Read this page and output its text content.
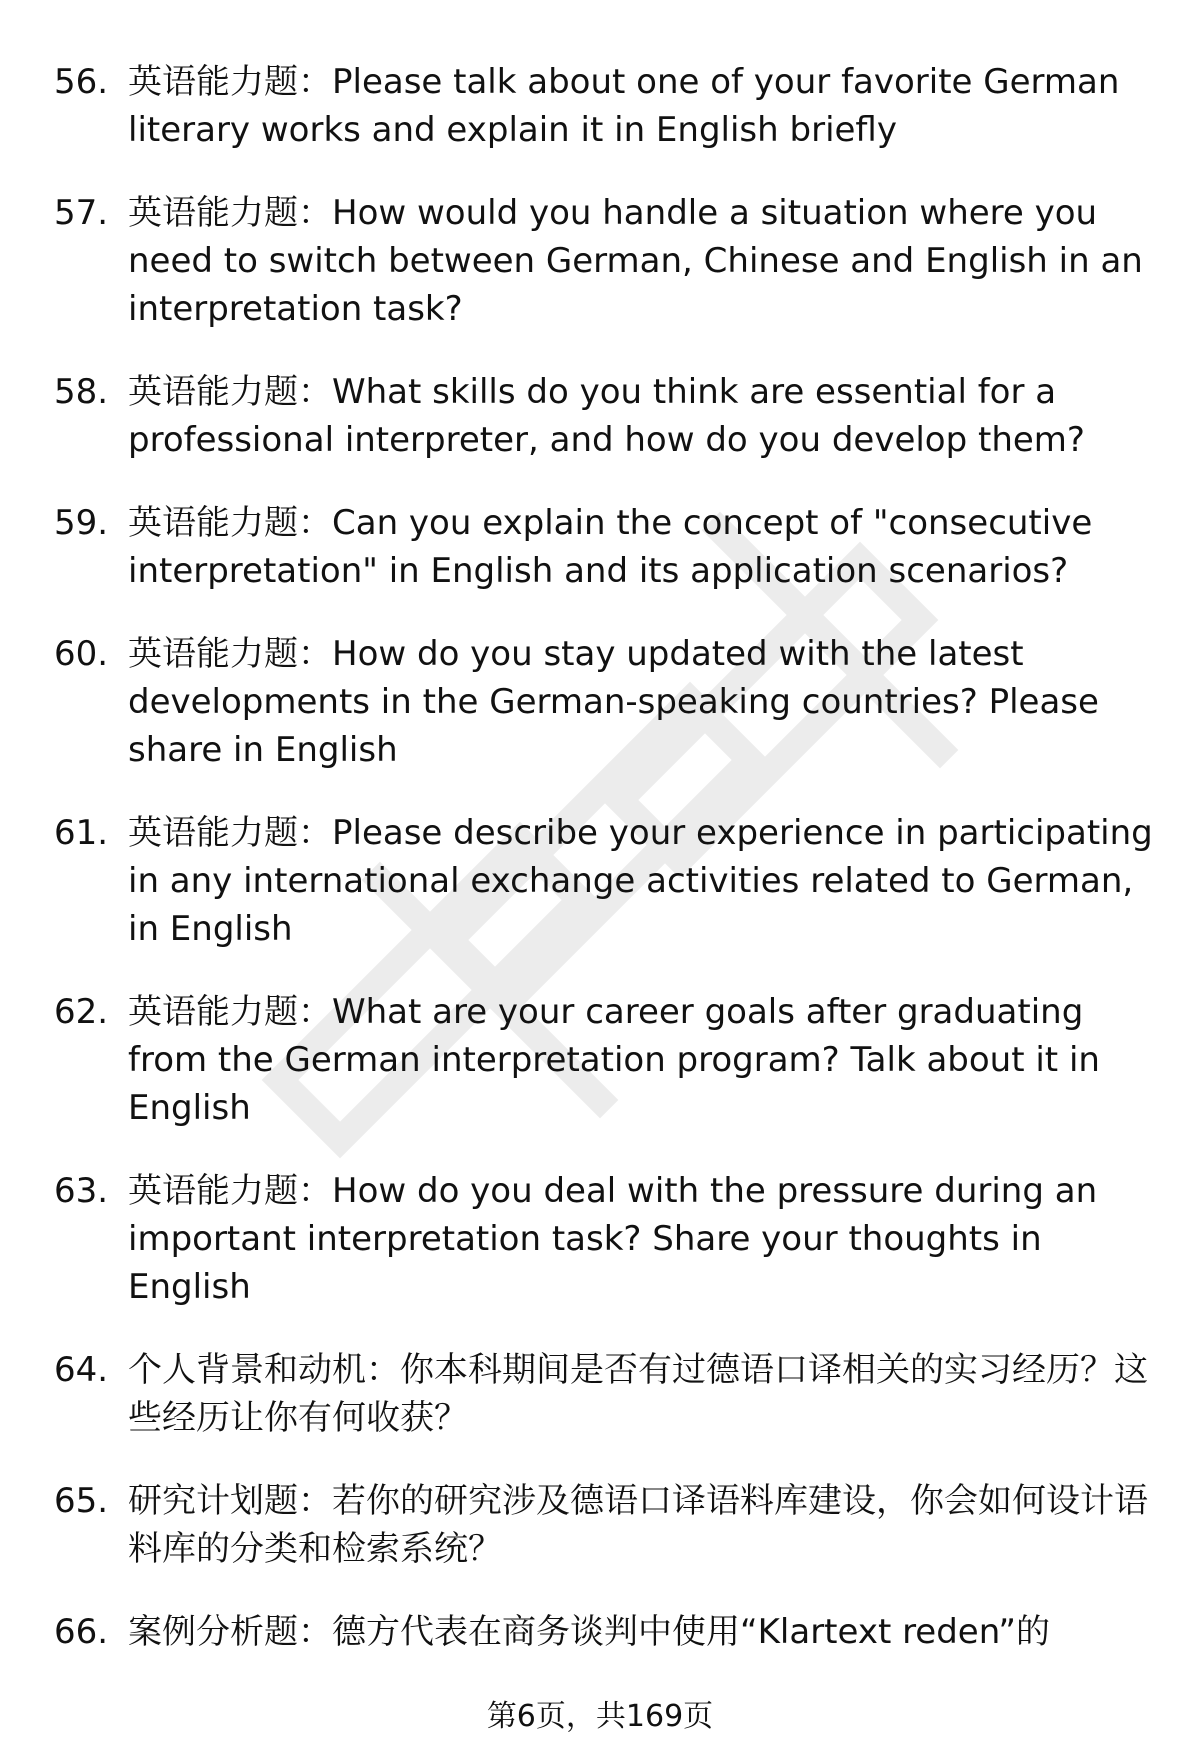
56. 英语能力题：Please talk about one of your favorite German literary works and explain it in English briefly
57. 英语能力题：How would you handle a situation where you need to switch between German, Chinese and English in an interpretation task?
58. 英语能力题：What skills do you think are essential for a professional interpreter, and how do you develop them?
59. 英语能力题：Can you explain the concept of "consecutive interpretation" in English and its application scenarios?
60. 英语能力题：How do you stay updated with the latest developments in the German-speaking countries? Please share in English
61. 英语能力题：Please describe your experience in participating in any international exchange activities related to German, in English
62. 英语能力题：What are your career goals after graduating from the German interpretation program? Talk about it in English
63. 英语能力题：How do you deal with the pressure during an important interpretation task? Share your thoughts in English
64. 个人背景和动机：你本科期间是否有过德语口译相关的实习经历？这些经历让你有何收获？
65. 研究计划题：若你的研究涉及德语口译语料库建设，你会如何设计语料库的分类和检索系统？
66. 案例分析题：德方代表在商务谈判中使用“Klartext reden”的
第6页，共169页
